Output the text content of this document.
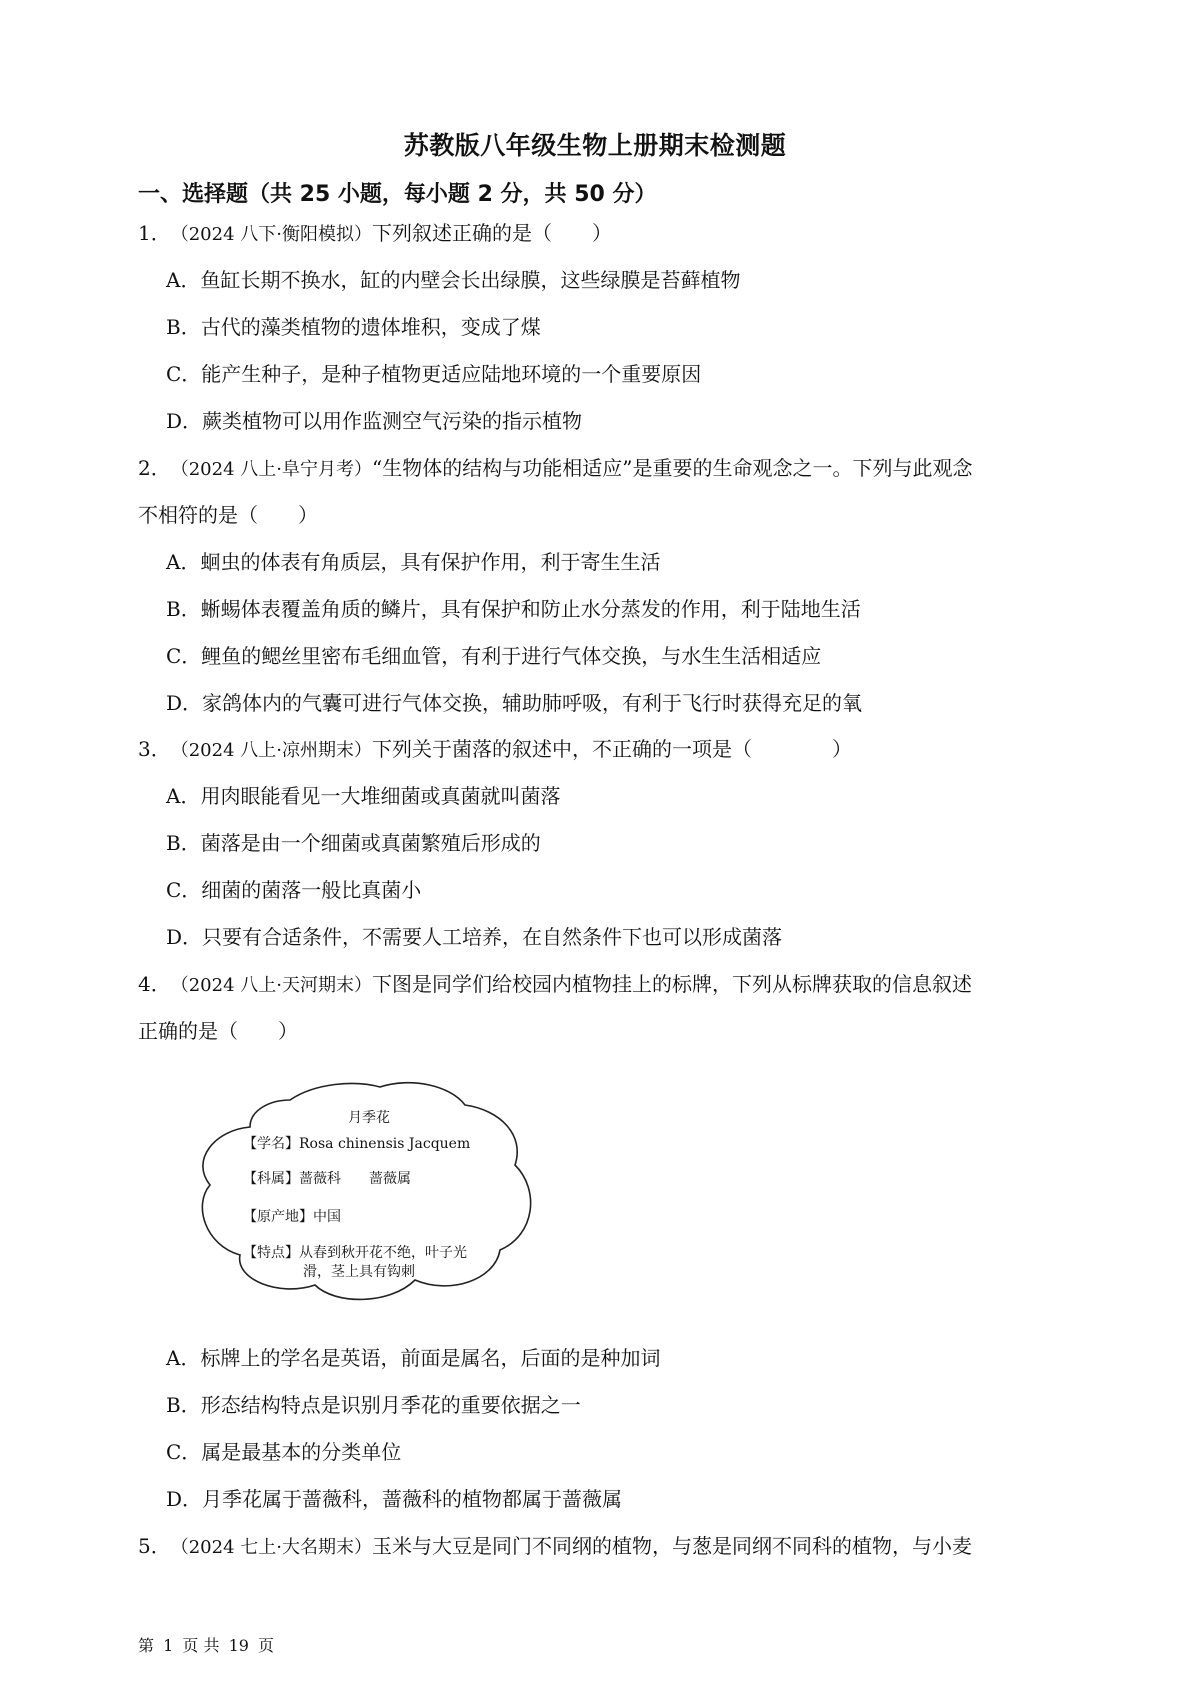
苏教版八年级生物上册期末检测题
一、选择题（共 25 小题，每小题 2 分，共 50 分）
1．（2024 八下·衡阳模拟）下列叙述正确的是（　　）
A．鱼缸长期不换水，缸的内壁会长出绿膜，这些绿膜是苔藓植物
B．古代的藻类植物的遗体堆积，变成了煤
C．能产生种子，是种子植物更适应陆地环境的一个重要原因
D．蕨类植物可以用作监测空气污染的指示植物
2．（2024 八上·阜宁月考）“生物体的结构与功能相适应”是重要的生命观念之一。下列与此观念
不相符的是（　　）
A．蛔虫的体表有角质层，具有保护作用，利于寄生生活
B．蜥蜴体表覆盖角质的鳞片，具有保护和防止水分蒸发的作用，利于陆地生活
C．鲤鱼的鳃丝里密布毛细血管，有利于进行气体交换，与水生生活相适应
D．家鸽体内的气囊可进行气体交换，辅助肺呼吸，有利于飞行时获得充足的氧
3．（2024 八上·凉州期末）下列关于菌落的叙述中，不正确的一项是（　　　　）
A．用肉眼能看见一大堆细菌或真菌就叫菌落
B．菌落是由一个细菌或真菌繁殖后形成的
C．细菌的菌落一般比真菌小
D．只要有合适条件，不需要人工培养，在自然条件下也可以形成菌落
4．（2024 八上·天河期末）下图是同学们给校园内植物挂上的标牌，下列从标牌获取的信息叙述
正确的是（　　）
月季花
【学名】Rosa chinensis Jacquem
【科属】蔷薇科　　蔷薇属
【原产地】中国
【特点】从春到秋开花不绝，叶子光
滑，茎上具有钩刺
A．标牌上的学名是英语，前面是属名，后面的是种加词
B．形态结构特点是识别月季花的重要依据之一
C．属是最基本的分类单位
D．月季花属于蔷薇科，蔷薇科的植物都属于蔷薇属
5．（2024 七上·大名期末）玉米与大豆是同门不同纲的植物，与葱是同纲不同科的植物，与小麦
第 1 页 共 19 页
